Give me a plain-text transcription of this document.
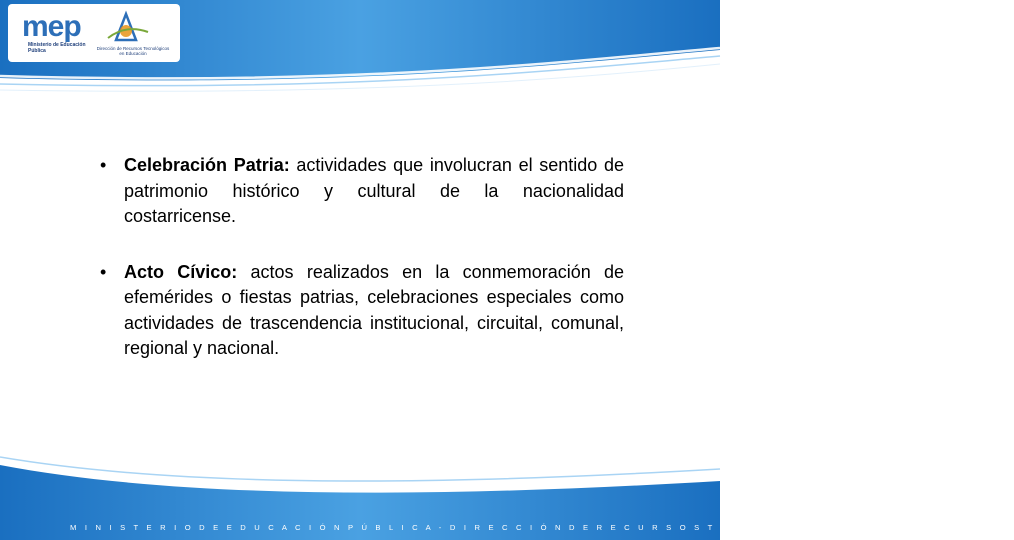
mep
Ministerio de Educación Pública	Dirección de Recursos Tecnológicos en Educación
• Celebración Patria: actividades que involucran el sentido de patrimonio histórico y cultural de la nacionalidad costarricense.
• Acto Cívico: actos realizados en la conmemoración de efemérides o fiestas patrias, celebraciones especiales como actividades de trascendencia institucional, circuital, comunal, regional y nacional.
M I N I S T E R I O D E E D U C A C I Ó N P Ú B L I C A - D I R E C C I Ó N D E R E C U R S O S T E C N O L Ó G I C O S E N E D U C A C I Ó N
